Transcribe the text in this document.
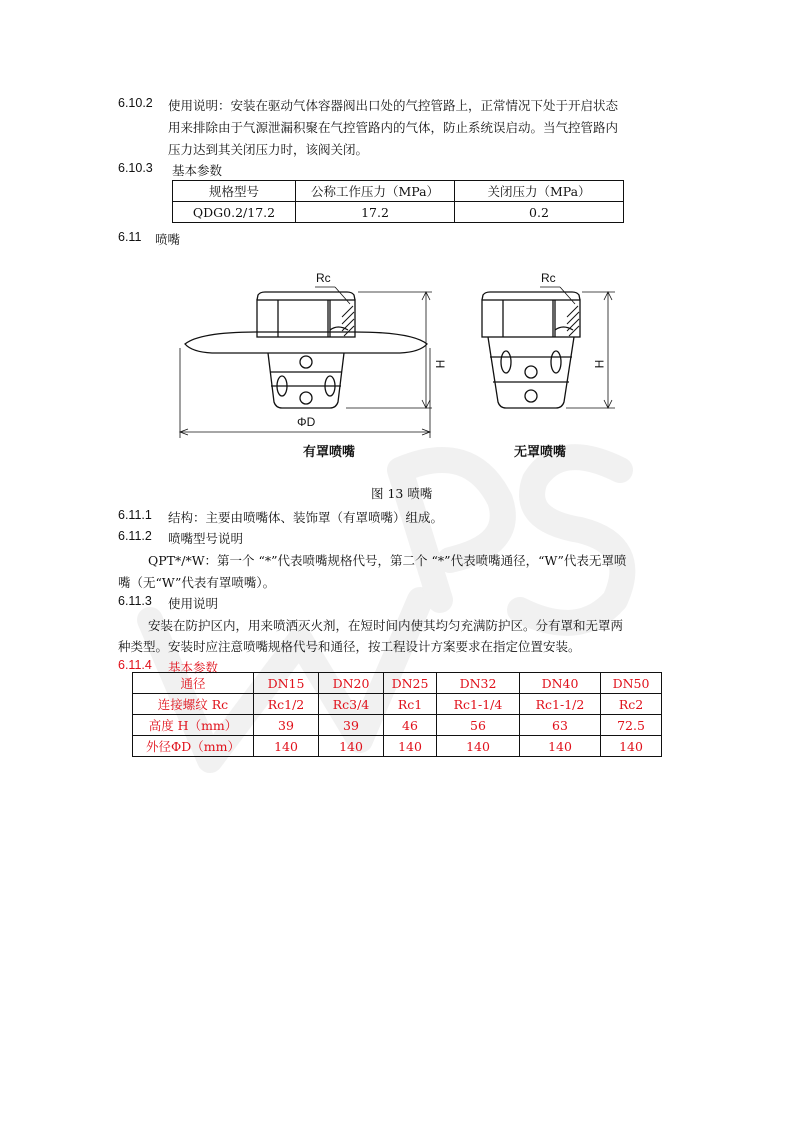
6.10.2 使用说明：安装在驱动气体容器阀出口处的气控管路上，正常情况下处于开启状态
用来排除由于气源泄漏积聚在气控管路内的气体，防止系统误启动。当气控管路内
压力达到其关闭压力时，该阀关闭。
6.10.3 基本参数
规格型号	公称工作压力（MPa）	关闭压力（MPa）
QDG0.2/17.2	17.2	0.2
6.11 喷嘴
Rc	Rc
H	H
ΦD
有罩喷嘴	无罩喷嘴
图 13 喷嘴
6.11.1 结构：主要由喷嘴体、装饰罩（有罩喷嘴）组成。
6.11.2 喷嘴型号说明
QPT*/*W：第一个 “*”代表喷嘴规格代号，第二个 “*”代表喷嘴通径，“W”代表无罩喷
嘴（无“W”代表有罩喷嘴）。
6.11.3 使用说明
安装在防护区内，用来喷洒灭火剂，在短时间内使其均匀充满防护区。分有罩和无罩两
种类型。安装时应注意喷嘴规格代号和通径，按工程设计方案要求在指定位置安装。
6.11.4 基本参数
通径	DN15	DN20	DN25	DN32	DN40	DN50
连接螺纹 Rc	Rc1/2	Rc3/4	Rc1	Rc1-1/4	Rc1-1/2	Rc2
高度 H（mm）	39	39	46	56	63	72.5
外径ΦD（mm）	140	140	140	140	140	140
